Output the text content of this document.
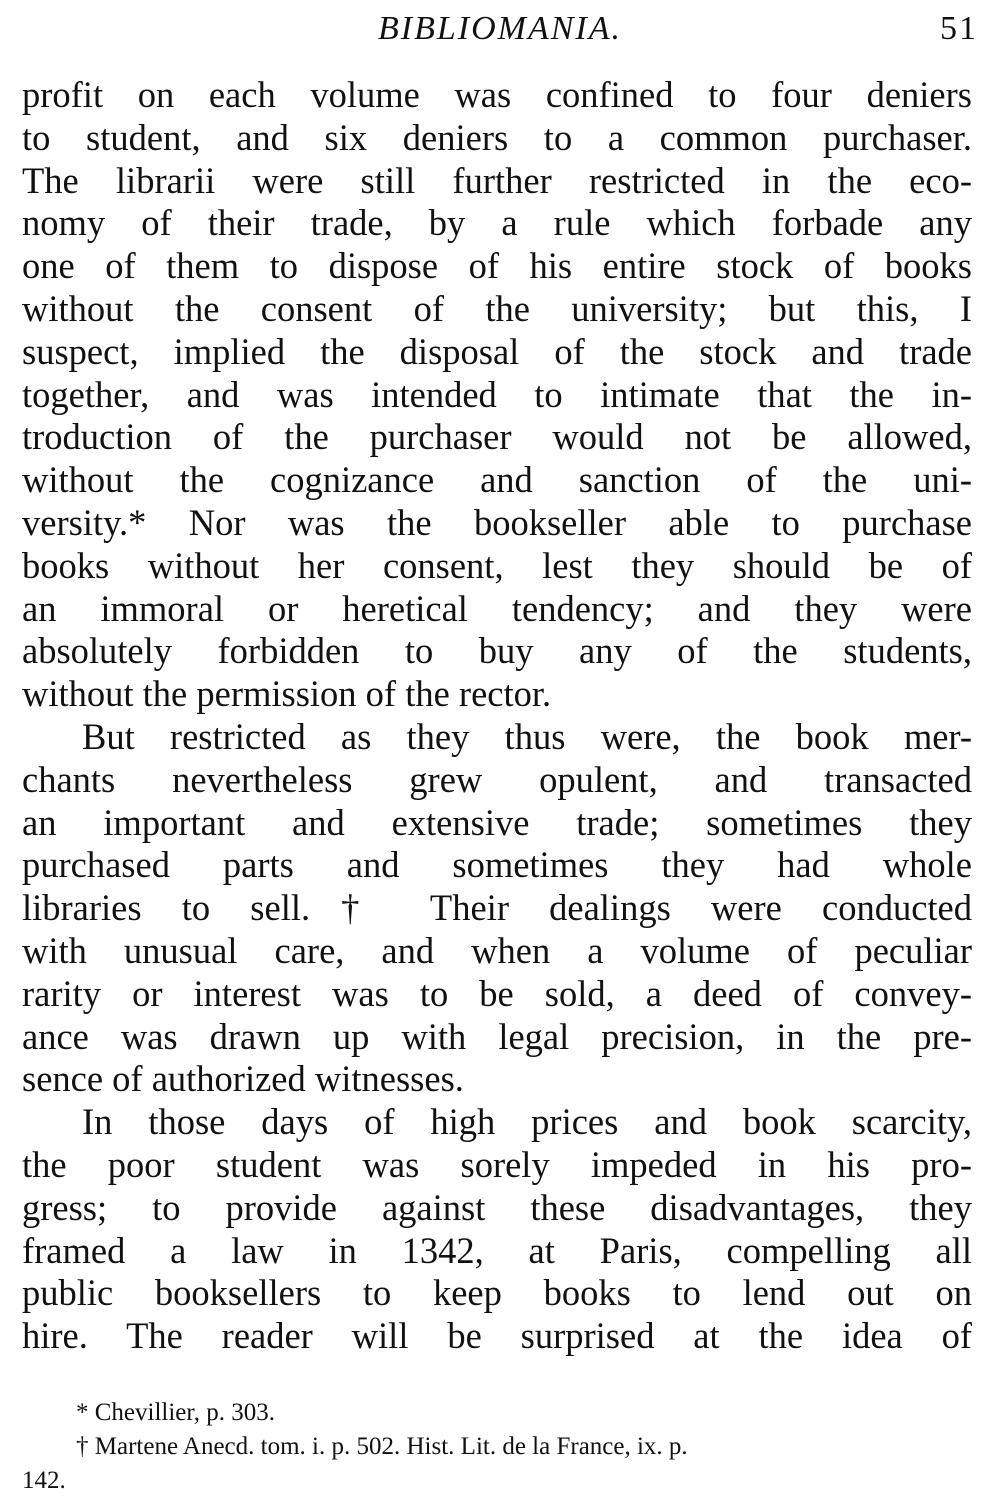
BIBLIOMANIA.	51
profit on each volume was confined to four deniers
to student, and six deniers to a common purchaser.
The librarii were still further restricted in the eco-
nomy of their trade, by a rule which forbade any
one of them to dispose of his entire stock of books
without the consent of the university; but this, I
suspect, implied the disposal of the stock and trade
together, and was intended to intimate that the in-
troduction of the purchaser would not be allowed,
without the cognizance and sanction of the uni-
versity.* Nor was the bookseller able to purchase
books without her consent, lest they should be of
an immoral or heretical tendency; and they were
absolutely forbidden to buy any of the students,
without the permission of the rector.
But restricted as they thus were, the book mer-
chants nevertheless grew opulent, and transacted
an important and extensive trade; sometimes they
purchased parts and sometimes they had whole
libraries to sell.† Their dealings were conducted
with unusual care, and when a volume of peculiar
rarity or interest was to be sold, a deed of convey-
ance was drawn up with legal precision, in the pre-
sence of authorized witnesses.
In those days of high prices and book scarcity,
the poor student was sorely impeded in his pro-
gress; to provide against these disadvantages, they
framed a law in 1342, at Paris, compelling all
public booksellers to keep books to lend out on
hire. The reader will be surprised at the idea of
* Chevillier, p. 303.
† Martene Anecd. tom. i. p. 502. Hist. Lit. de la France, ix. p.
142.
